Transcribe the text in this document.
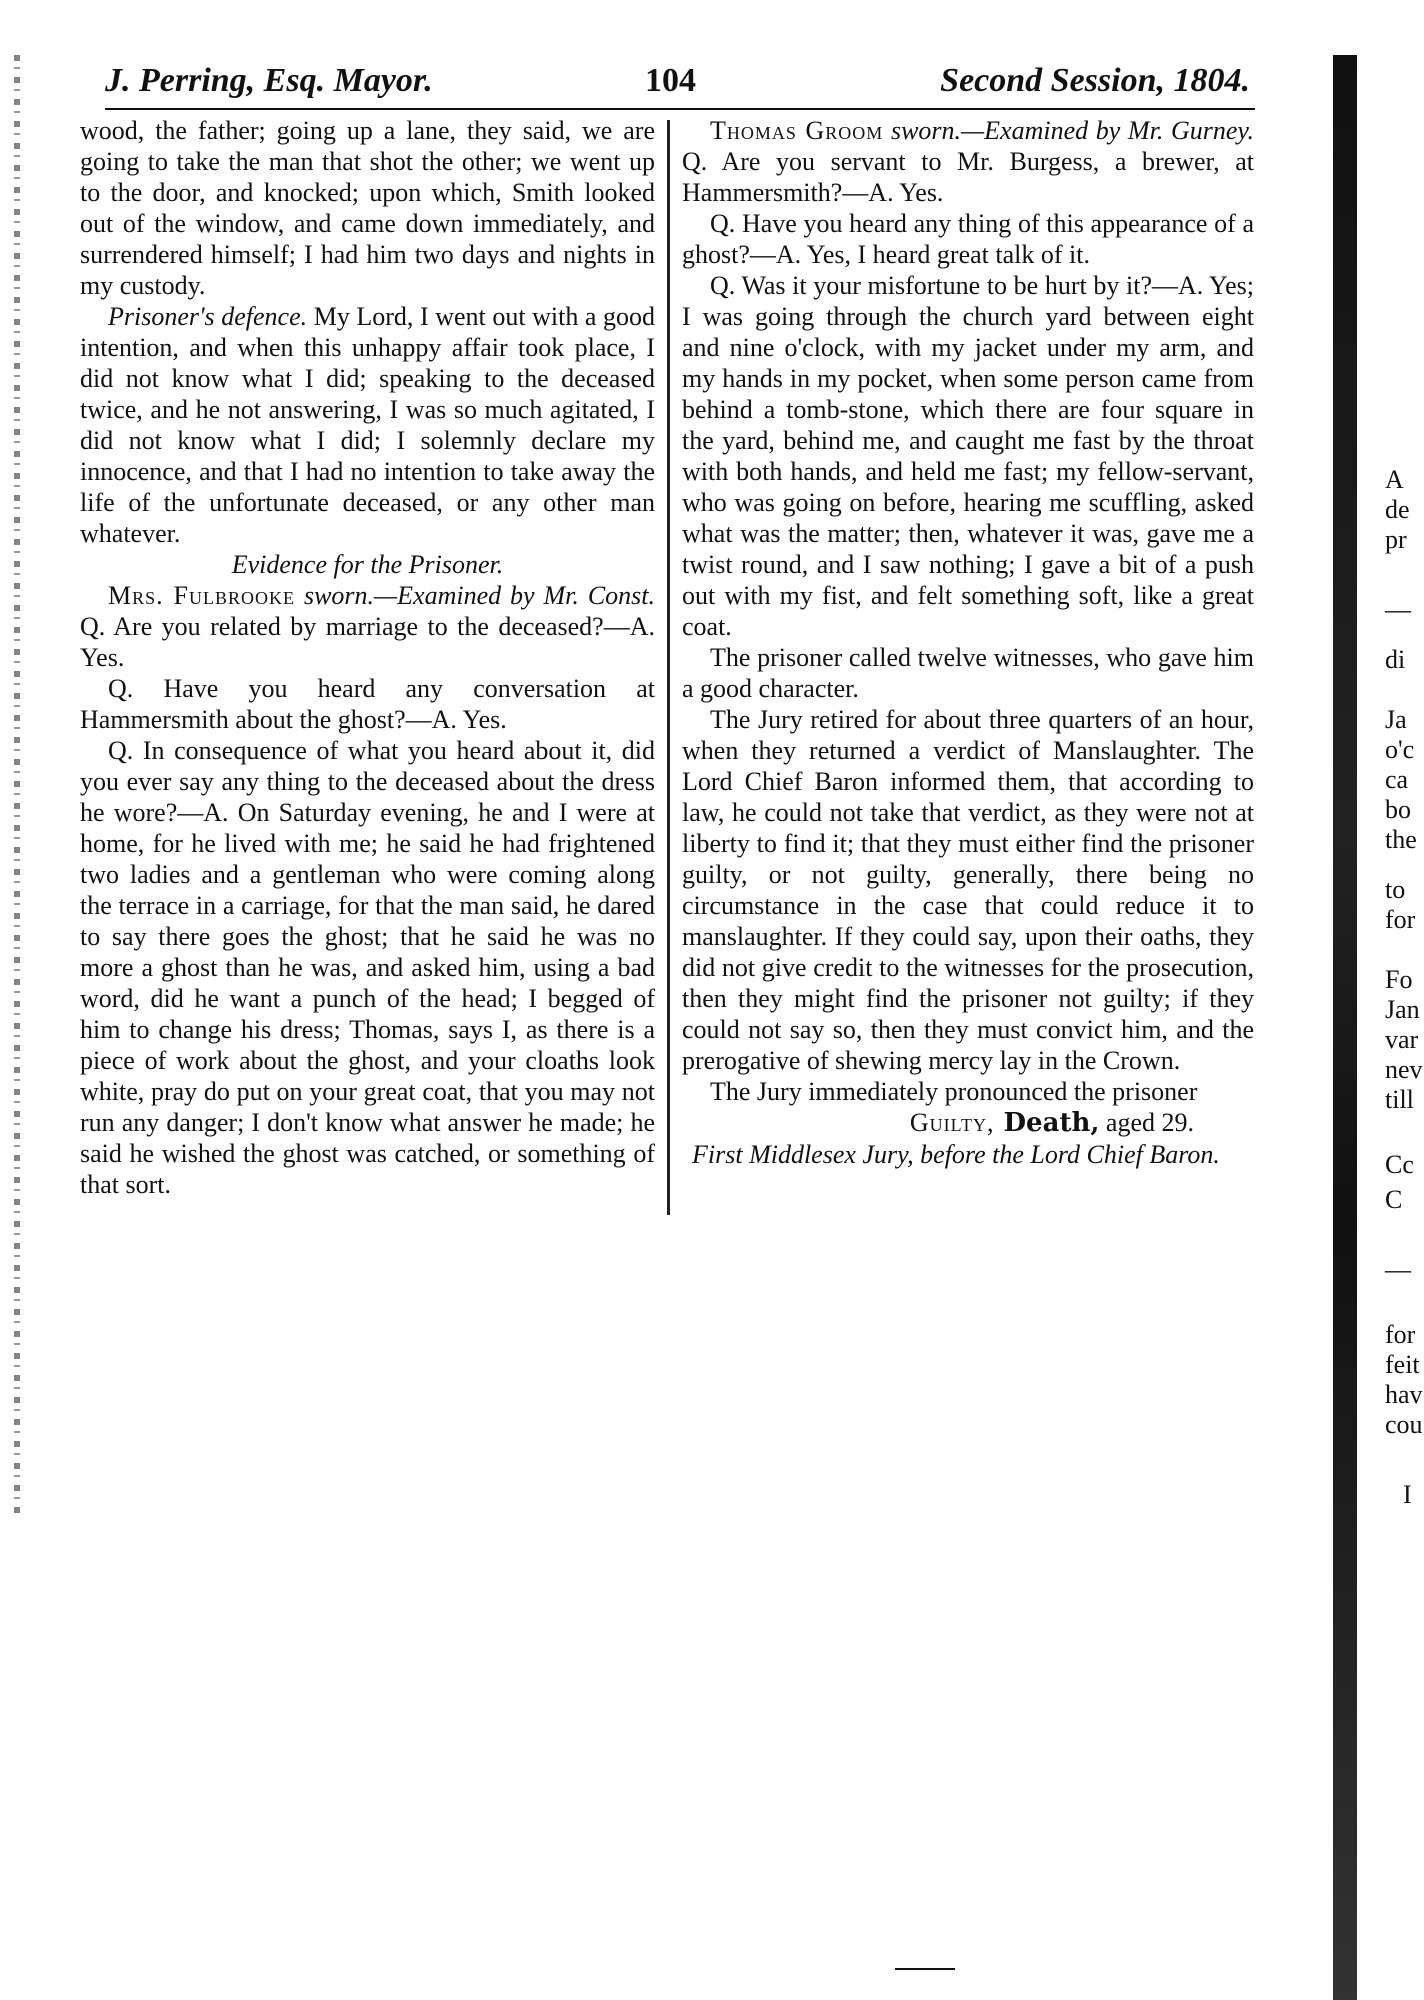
J. Perring, Esq. Mayor.	104	Second Session, 1804.

wood, the father; going up a lane, they said, we are going to take the man that shot the other; we went up to the door, and knocked; upon which, Smith looked out of the window, and came down immediately, and surrendered himself; I had him two days and nights in my custody.

Prisoner's defence. My Lord, I went out with a good intention, and when this unhappy affair took place, I did not know what I did; speaking to the deceased twice, and he not answering, I was so much agitated, I did not know what I did; I solemnly declare my innocence, and that I had no intention to take away the life of the unfortunate deceased, or any other man whatever.

Evidence for the Prisoner.

Mrs. Fulbrooke sworn.—Examined by Mr. Const. Q. Are you related by marriage to the deceased?—A. Yes.

Q. Have you heard any conversation at Hammersmith about the ghost?—A. Yes.

Q. In consequence of what you heard about it, did you ever say any thing to the deceased about the dress he wore?—A. On Saturday evening, he and I were at home, for he lived with me; he said he had frightened two ladies and a gentleman who were coming along the terrace in a carriage, for that the man said, he dared to say there goes the ghost; that he said he was no more a ghost than he was, and asked him, using a bad word, did he want a punch of the head; I begged of him to change his dress; Thomas, says I, as there is a piece of work about the ghost, and your cloaths look white, pray do put on your great coat, that you may not run any danger; I don't know what answer he made; he said he wished the ghost was catched, or something of that sort.

Thomas Groom sworn.—Examined by Mr. Gurney. Q. Are you servant to Mr. Burgess, a brewer, at Hammersmith?—A. Yes.

Q. Have you heard any thing of this appearance of a ghost?—A. Yes, I heard great talk of it.

Q. Was it your misfortune to be hurt by it?—A. Yes; I was going through the church yard between eight and nine o'clock, with my jacket under my arm, and my hands in my pocket, when some person came from behind a tomb-stone, which there are four square in the yard, behind me, and caught me fast by the throat with both hands, and held me fast; my fellow-servant, who was going on before, hearing me scuffling, asked what was the matter; then, whatever it was, gave me a twist round, and I saw nothing; I gave a bit of a push out with my fist, and felt something soft, like a great coat.

The prisoner called twelve witnesses, who gave him a good character.

The Jury retired for about three quarters of an hour, when they returned a verdict of Manslaughter. The Lord Chief Baron informed them, that according to law, he could not take that verdict, as they were not at liberty to find it; that they must either find the prisoner guilty, or not guilty, generally, there being no circumstance in the case that could reduce it to manslaughter. If they could say, upon their oaths, they did not give credit to the witnesses for the prosecution, then they might find the prisoner not guilty; if they could not say so, then they must convict him, and the prerogative of shewing mercy lay in the Crown.

The Jury immediately pronounced the prisoner

Guilty, Death, aged 29.

First Middlesex Jury, before the Lord Chief Baron.

A
de
pr
—
di
Ja
o'c
ca
bo
the
to
for
Fo
Jan
var
nev
till
Cc
C
—
for
feit
hav
cou
I
